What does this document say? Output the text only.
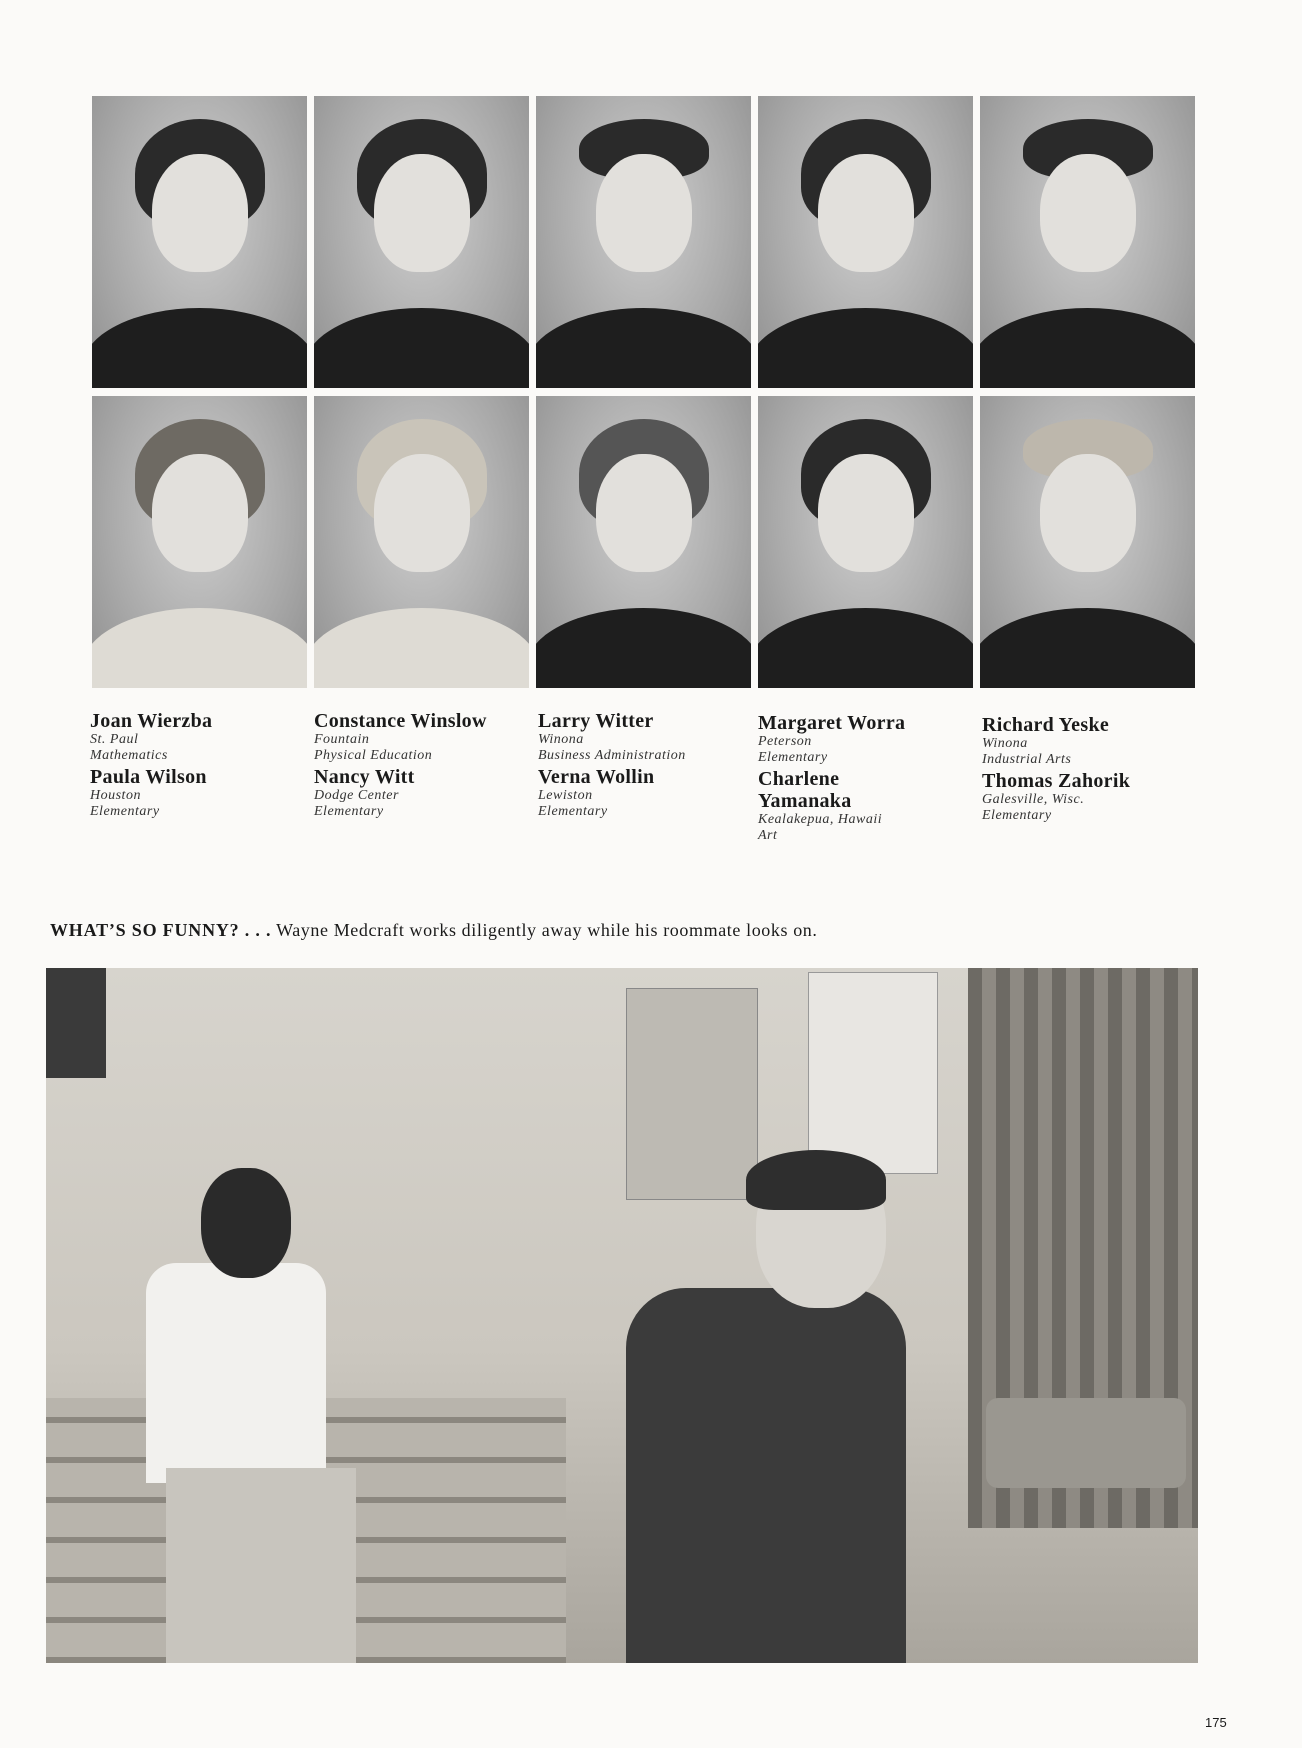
Joan Wierzba
St. Paul
Mathematics
Paula Wilson
Houston
Elementary
Constance Winslow
Fountain
Physical Education
Nancy Witt
Dodge Center
Elementary
Larry Witter
Winona
Business Administration
Verna Wollin
Lewiston
Elementary
Margaret Worra
Peterson
Elementary
Charlene Yamanaka
Kealakepua, Hawaii
Art
Richard Yeske
Winona
Industrial Arts
Thomas Zahorik
Galesville, Wisc.
Elementary
WHAT’S SO FUNNY? . . . Wayne Medcraft works diligently away while his roommate looks on.
175
